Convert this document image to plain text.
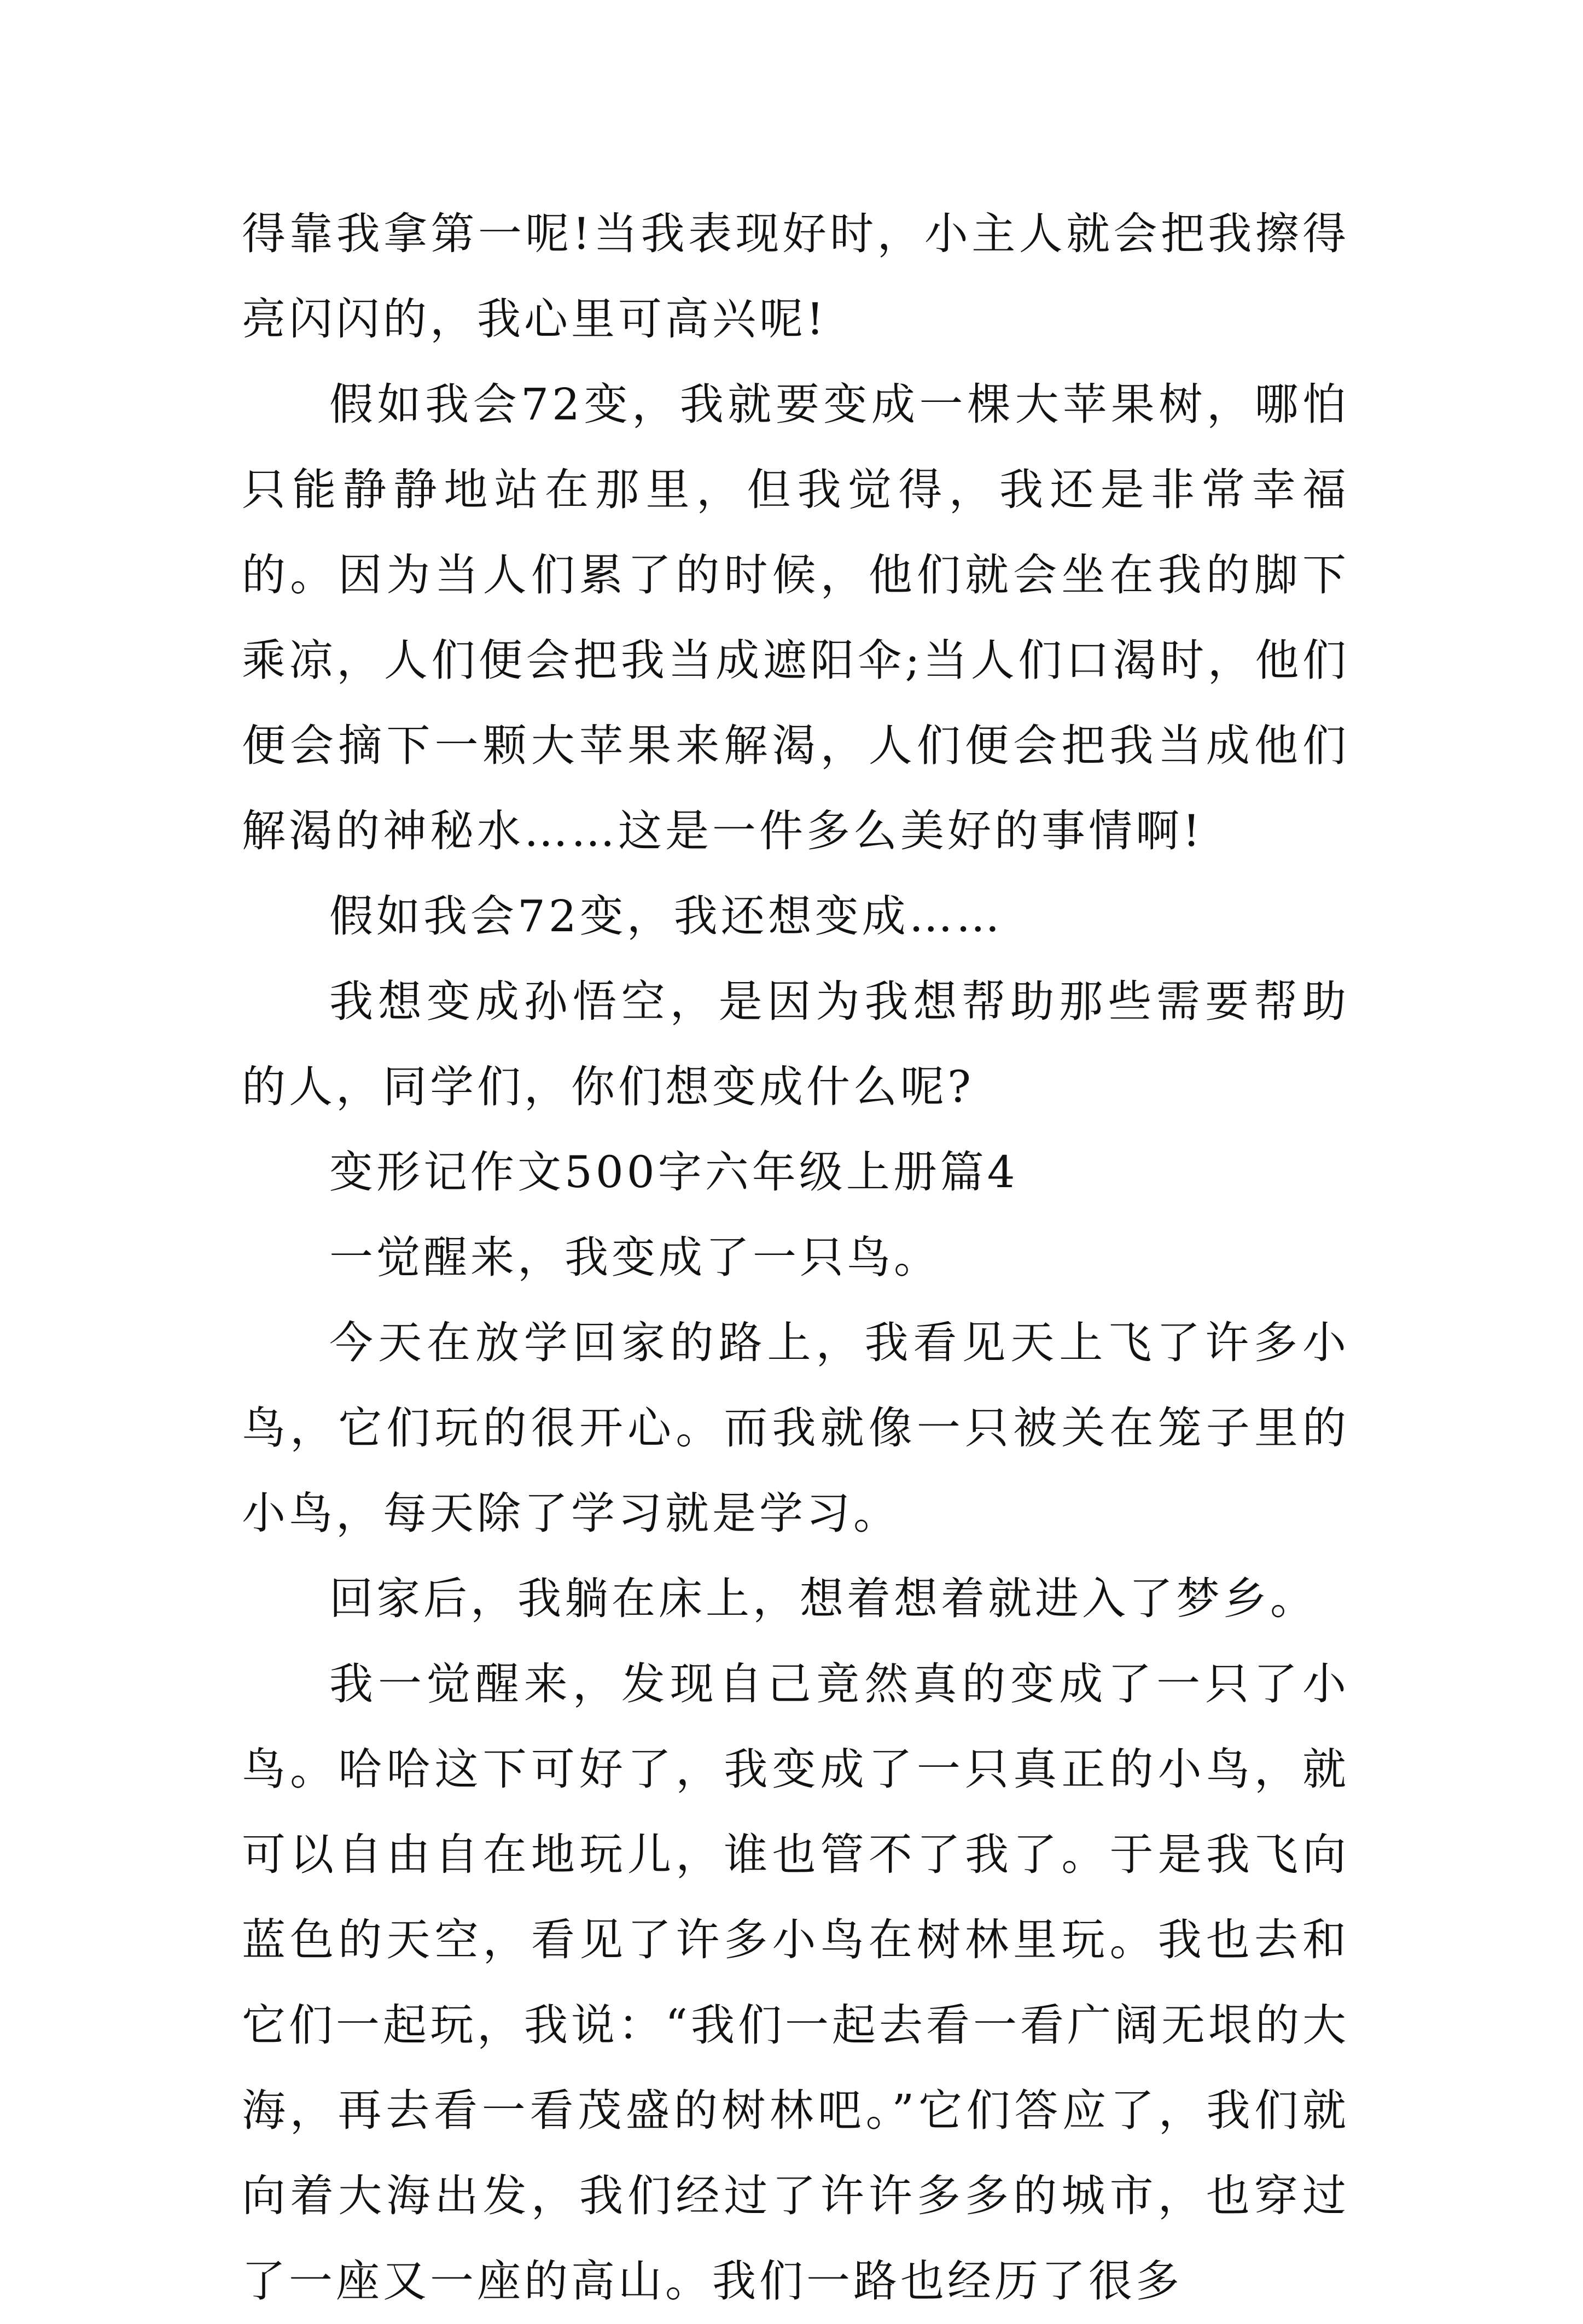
得靠我拿第一呢!当我表现好时，小主人就会把我擦得亮闪闪的，我心里可高兴呢!

假如我会72变，我就要变成一棵大苹果树，哪怕只能静静地站在那里，但我觉得，我还是非常幸福的。因为当人们累了的时候，他们就会坐在我的脚下乘凉，人们便会把我当成遮阳伞;当人们口渴时，他们便会摘下一颗大苹果来解渴，人们便会把我当成他们解渴的神秘水……这是一件多么美好的事情啊!

假如我会72变，我还想变成……

我想变成孙悟空，是因为我想帮助那些需要帮助的人，同学们，你们想变成什么呢?

变形记作文500字六年级上册篇4

一觉醒来，我变成了一只鸟。

今天在放学回家的路上，我看见天上飞了许多小鸟，它们玩的很开心。而我就像一只被关在笼子里的小鸟，每天除了学习就是学习。

回家后，我躺在床上，想着想着就进入了梦乡。

我一觉醒来，发现自己竟然真的变成了一只了小鸟。哈哈这下可好了，我变成了一只真正的小鸟，就可以自由自在地玩儿，谁也管不了我了。于是我飞向蓝色的天空，看见了许多小鸟在树林里玩。我也去和它们一起玩，我说：“我们一起去看一看广阔无垠的大海，再去看一看茂盛的树林吧。”它们答应了，我们就向着大海出发，我们经过了许许多多的城市，也穿过了一座又一座的高山。我们一路也经历了很多
